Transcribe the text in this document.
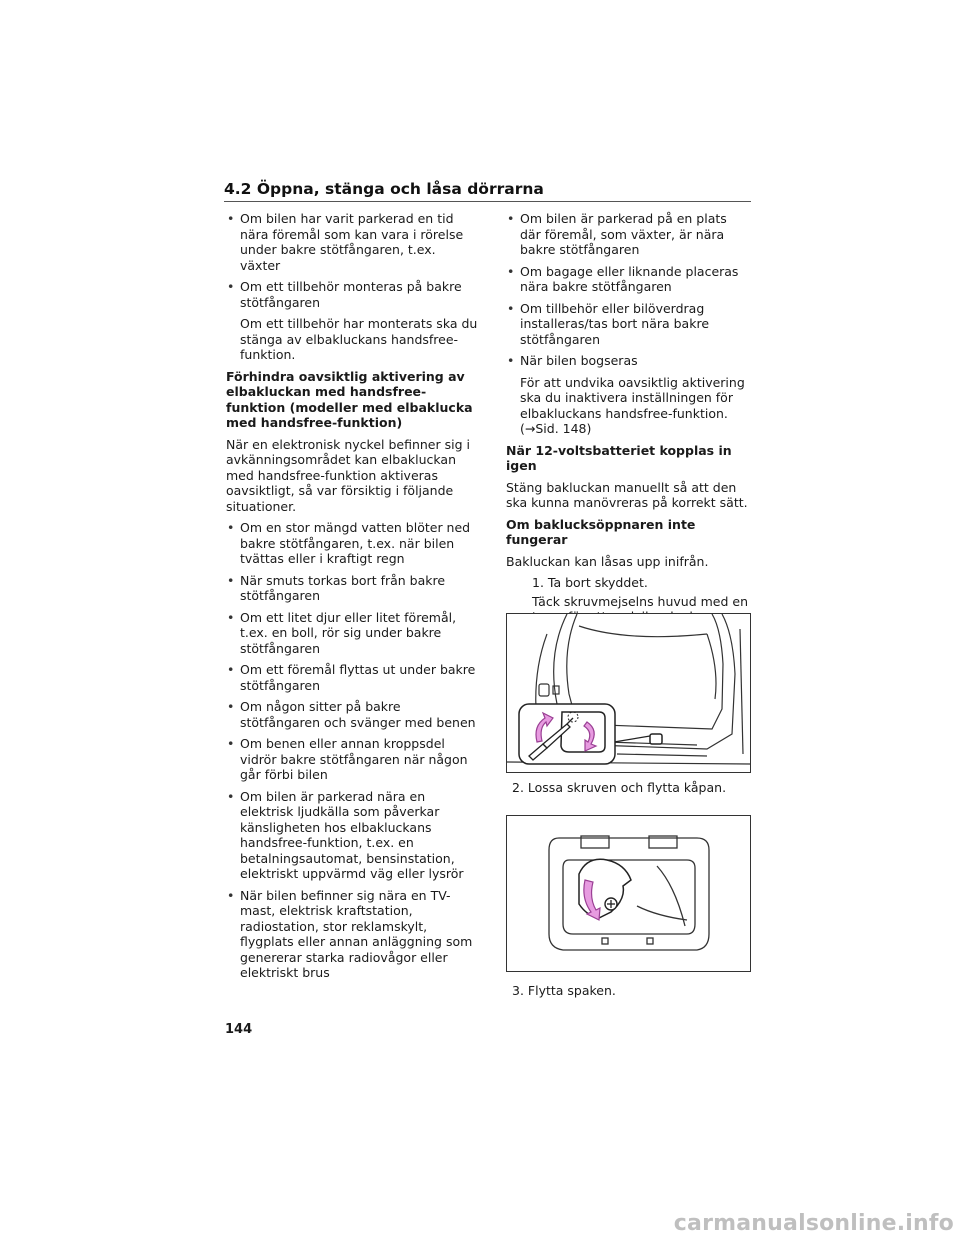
4.2 Öppna, stänga och låsa dörrarna
• Om bilen har varit parkerad en tid nära föremål som kan vara i rörelse under bakre stötfångaren, t.ex. växter
• Om ett tillbehör monteras på bakre stötfångaren
Om ett tillbehör har monterats ska du stänga av elbakluckans handsfree-funktion.
Förhindra oavsiktlig aktivering av elbakluckan med handsfree-funktion (modeller med elbaklucka med handsfree-funktion)
När en elektronisk nyckel befinner sig i avkänningsområdet kan elbakluckan med handsfree-funktion aktiveras oavsiktligt, så var försiktig i följande situationer.
• Om en stor mängd vatten blöter ned bakre stötfångaren, t.ex. när bilen tvättas eller i kraftigt regn
• När smuts torkas bort från bakre stötfångaren
• Om ett litet djur eller litet föremål, t.ex. en boll, rör sig under bakre stötfångaren
• Om ett föremål flyttas ut under bakre stötfångaren
• Om någon sitter på bakre stötfångaren och svänger med benen
• Om benen eller annan kroppsdel vidrör bakre stötfångaren när någon går förbi bilen
• Om bilen är parkerad nära en elektrisk ljudkälla som påverkar känsligheten hos elbakluckans handsfree-funktion, t.ex. en betalningsautomat, bensinstation, elektriskt uppvärmd väg eller lysrör
• När bilen befinner sig nära en TV-mast, elektrisk kraftstation, radiostation, stor reklamskylt, flygplats eller annan anläggning som genererar starka radiovågor eller elektriskt brus
• Om bilen är parkerad på en plats där föremål, som växter, är nära bakre stötfångaren
• Om bagage eller liknande placeras nära bakre stötfångaren
• Om tillbehör eller bilöverdrag installeras/tas bort nära bakre stötfångaren
• När bilen bogseras
För att undvika oavsiktlig aktivering ska du inaktivera inställningen för elbakluckans handsfree-funktion. (→Sid. 148)
När 12-voltsbatteriet kopplas in igen
Stäng bakluckan manuellt så att den ska kunna manövreras på korrekt sätt.
Om baklucksöppnaren inte fungerar
Bakluckan kan låsas upp inifrån.
1. Ta bort skyddet.
Täck skruvmejselns huvud med en
2. Lossa skruven och flytta kåpan.
3. Flytta spaken.
144
carmanualsonline.info
